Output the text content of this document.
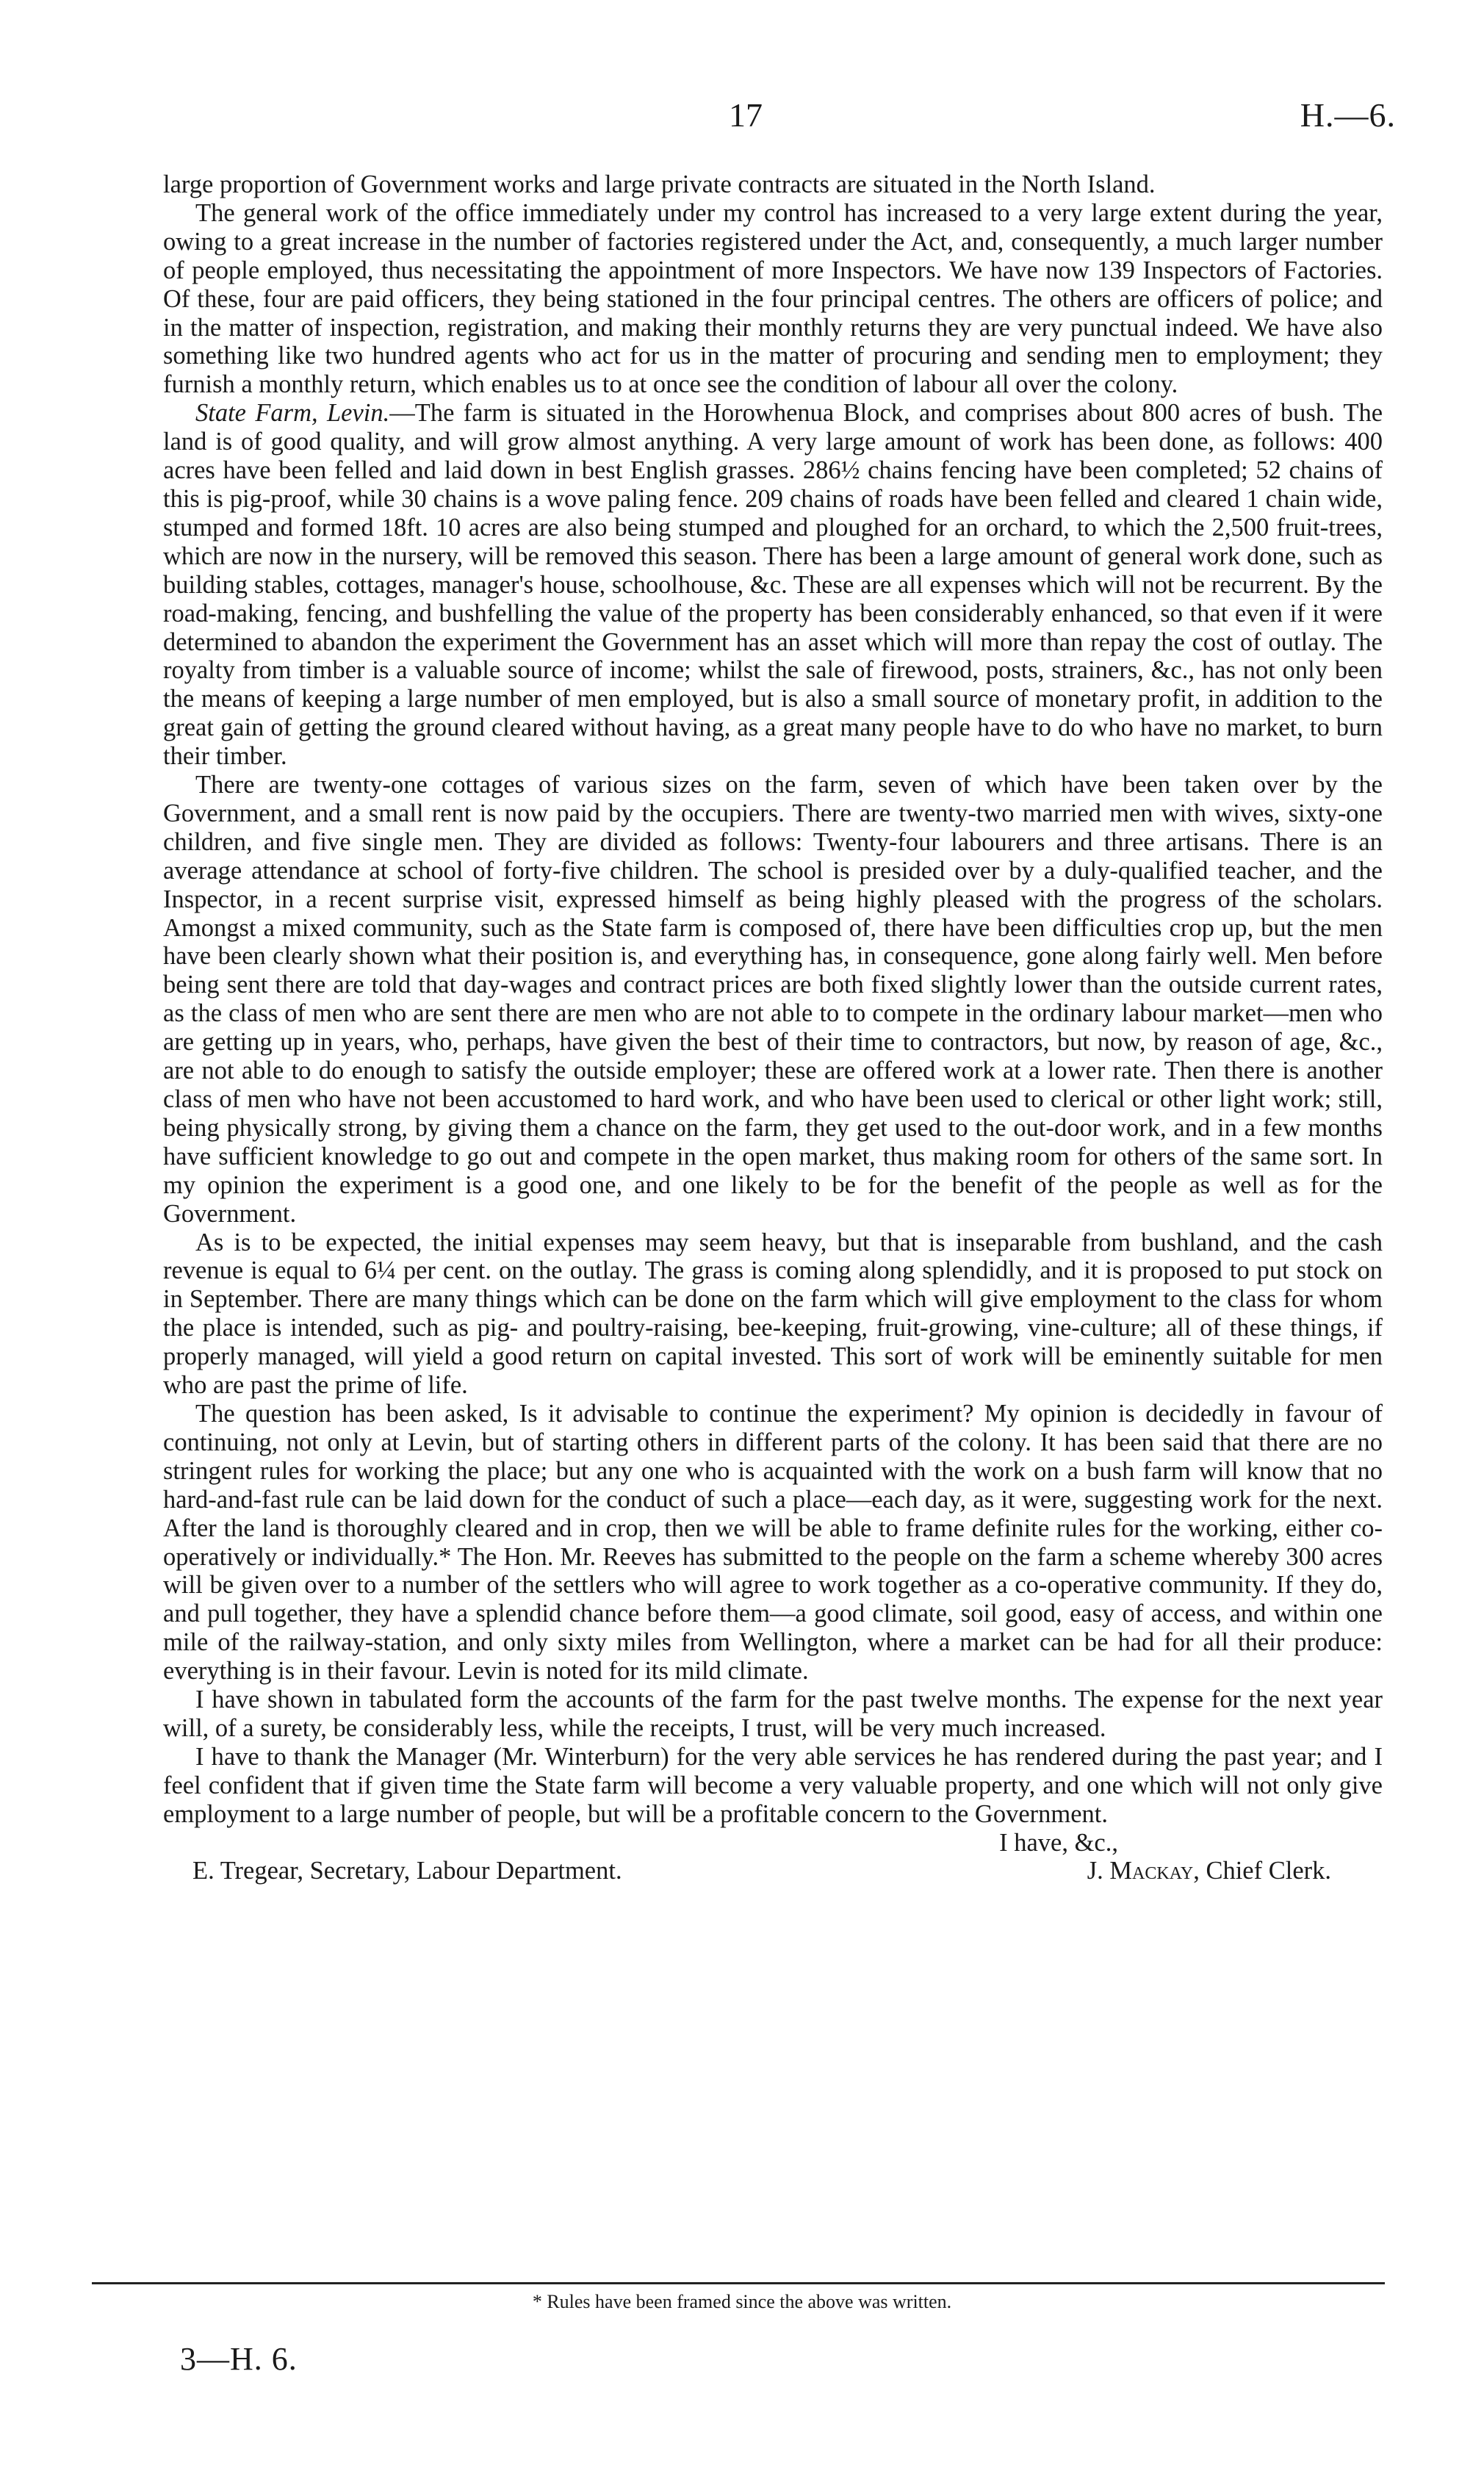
17	H.—6.

large proportion of Government works and large private contracts are situated in the North Island.

The general work of the office immediately under my control has increased to a very large extent during the year, owing to a great increase in the number of factories registered under the Act, and, consequently, a much larger number of people employed, thus necessitating the appointment of more Inspectors. We have now 139 Inspectors of Factories. Of these, four are paid officers, they being stationed in the four principal centres. The others are officers of police; and in the matter of inspection, registration, and making their monthly returns they are very punctual indeed. We have also something like two hundred agents who act for us in the matter of procuring and sending men to employment; they furnish a monthly return, which enables us to at once see the condition of labour all over the colony.

State Farm, Levin.—The farm is situated in the Horowhenua Block, and comprises about 800 acres of bush. The land is of good quality, and will grow almost anything. A very large amount of work has been done, as follows: 400 acres have been felled and laid down in best English grasses. 286½ chains fencing have been completed; 52 chains of this is pig-proof, while 30 chains is a wove paling fence. 209 chains of roads have been felled and cleared 1 chain wide, stumped and formed 18ft. 10 acres are also being stumped and ploughed for an orchard, to which the 2,500 fruit-trees, which are now in the nursery, will be removed this season. There has been a large amount of general work done, such as building stables, cottages, manager's house, schoolhouse, &c. These are all expenses which will not be recurrent. By the road-making, fencing, and bushfelling the value of the property has been considerably enhanced, so that even if it were determined to abandon the experiment the Government has an asset which will more than repay the cost of outlay. The royalty from timber is a valuable source of income; whilst the sale of firewood, posts, strainers, &c., has not only been the means of keeping a large number of men employed, but is also a small source of monetary profit, in addition to the great gain of getting the ground cleared without having, as a great many people have to do who have no market, to burn their timber.

There are twenty-one cottages of various sizes on the farm, seven of which have been taken over by the Government, and a small rent is now paid by the occupiers. There are twenty-two married men with wives, sixty-one children, and five single men. They are divided as follows: Twenty-four labourers and three artisans. There is an average attendance at school of forty-five children. The school is presided over by a duly-qualified teacher, and the Inspector, in a recent surprise visit, expressed himself as being highly pleased with the progress of the scholars. Amongst a mixed community, such as the State farm is composed of, there have been difficulties crop up, but the men have been clearly shown what their position is, and everything has, in consequence, gone along fairly well. Men before being sent there are told that day-wages and contract prices are both fixed slightly lower than the outside current rates, as the class of men who are sent there are men who are not able to to compete in the ordinary labour market—men who are getting up in years, who, perhaps, have given the best of their time to contractors, but now, by reason of age, &c., are not able to do enough to satisfy the outside employer; these are offered work at a lower rate. Then there is another class of men who have not been accustomed to hard work, and who have been used to clerical or other light work; still, being physically strong, by giving them a chance on the farm, they get used to the out-door work, and in a few months have sufficient knowledge to go out and compete in the open market, thus making room for others of the same sort. In my opinion the experiment is a good one, and one likely to be for the benefit of the people as well as for the Government.

As is to be expected, the initial expenses may seem heavy, but that is inseparable from bushland, and the cash revenue is equal to 6¼ per cent. on the outlay. The grass is coming along splendidly, and it is proposed to put stock on in September. There are many things which can be done on the farm which will give employment to the class for whom the place is intended, such as pig- and poultry-raising, bee-keeping, fruit-growing, vine-culture; all of these things, if properly managed, will yield a good return on capital invested. This sort of work will be eminently suitable for men who are past the prime of life.

The question has been asked, Is it advisable to continue the experiment? My opinion is decidedly in favour of continuing, not only at Levin, but of starting others in different parts of the colony. It has been said that there are no stringent rules for working the place; but any one who is acquainted with the work on a bush farm will know that no hard-and-fast rule can be laid down for the conduct of such a place—each day, as it were, suggesting work for the next. After the land is thoroughly cleared and in crop, then we will be able to frame definite rules for the working, either co-operatively or individually.* The Hon. Mr. Reeves has submitted to the people on the farm a scheme whereby 300 acres will be given over to a number of the settlers who will agree to work together as a co-operative community. If they do, and pull together, they have a splendid chance before them—a good climate, soil good, easy of access, and within one mile of the railway-station, and only sixty miles from Wellington, where a market can be had for all their produce: everything is in their favour. Levin is noted for its mild climate.

I have shown in tabulated form the accounts of the farm for the past twelve months. The expense for the next year will, of a surety, be considerably less, while the receipts, I trust, will be very much increased.

I have to thank the Manager (Mr. Winterburn) for the very able services he has rendered during the past year; and I feel confident that if given time the State farm will become a very valuable property, and one which will not only give employment to a large number of people, but will be a profitable concern to the Government.

I have, &c.,
E. Tregear, Secretary, Labour Department.	J. Mackay, Chief Clerk.
* Rules have been framed since the above was written.
3—H. 6.
